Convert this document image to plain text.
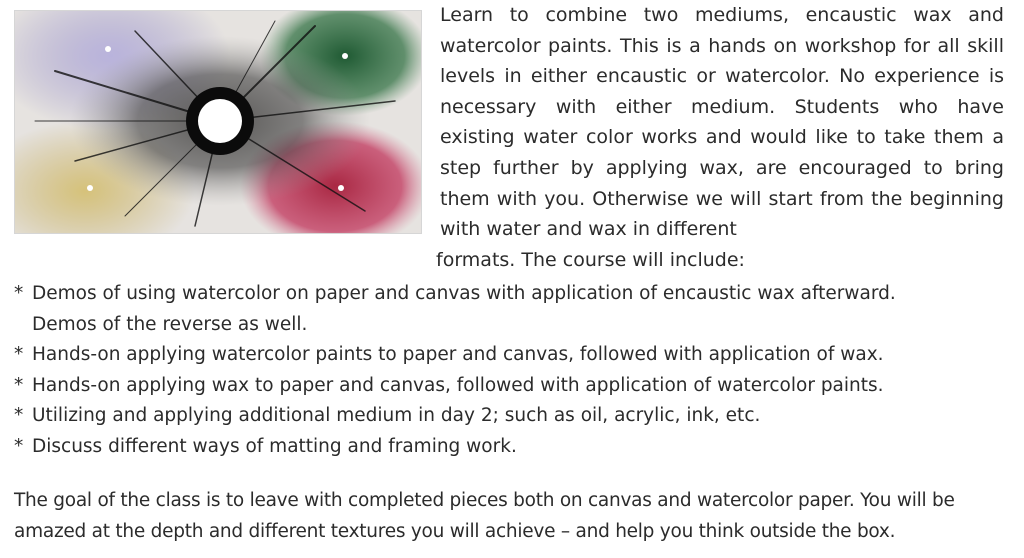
Learn to combine two mediums, encaustic wax and watercolor paints. This is a hands on workshop for all skill levels in either encaustic or watercolor. No experience is necessary with either medium. Students who have existing water color works and would like to take them a step further by applying wax, are encouraged to bring them with you. Otherwise we will start from the beginning with water and wax in different
formats. The course will include:

* Demos of using watercolor on paper and canvas with application of encaustic wax afterward.
Demos of the reverse as well.
* Hands-on applying watercolor paints to paper and canvas, followed with application of wax.
* Hands-on applying wax to paper and canvas, followed with application of watercolor paints.
* Utilizing and applying additional medium in day 2; such as oil, acrylic, ink, etc.
* Discuss different ways of matting and framing work.

The goal of the class is to leave with completed pieces both on canvas and watercolor paper. You will be amazed at the depth and different textures you will achieve – and help you think outside the box.
